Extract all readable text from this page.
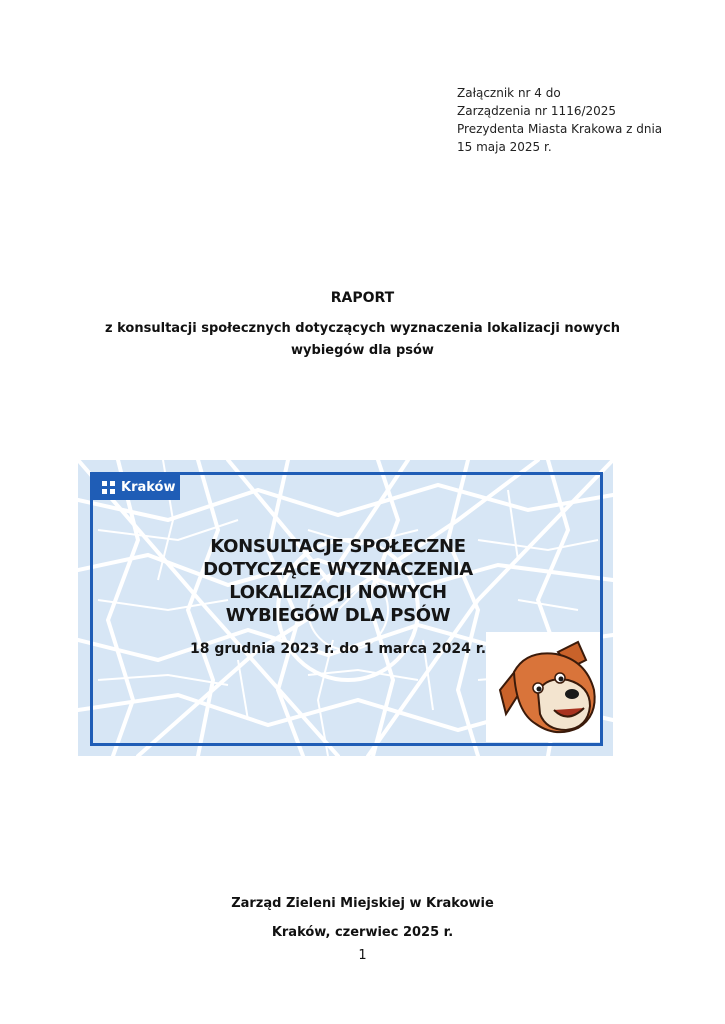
Załącznik nr 4 do
Zarządzenia nr 1116/2025
Prezydenta Miasta Krakowa z dnia
15 maja 2025 r.
RAPORT
z konsultacji społecznych dotyczących wyznaczenia lokalizacji nowych wybiegów dla psów
Kraków
KONSULTACJE SPOŁECZNE
DOTYCZĄCE WYZNACZENIA
LOKALIZACJI NOWYCH
WYBIEGÓW DLA PSÓW
18 grudnia 2023 r. do 1 marca 2024 r.
Zarząd Zieleni Miejskiej w Krakowie
Kraków, czerwiec 2025 r.
1
